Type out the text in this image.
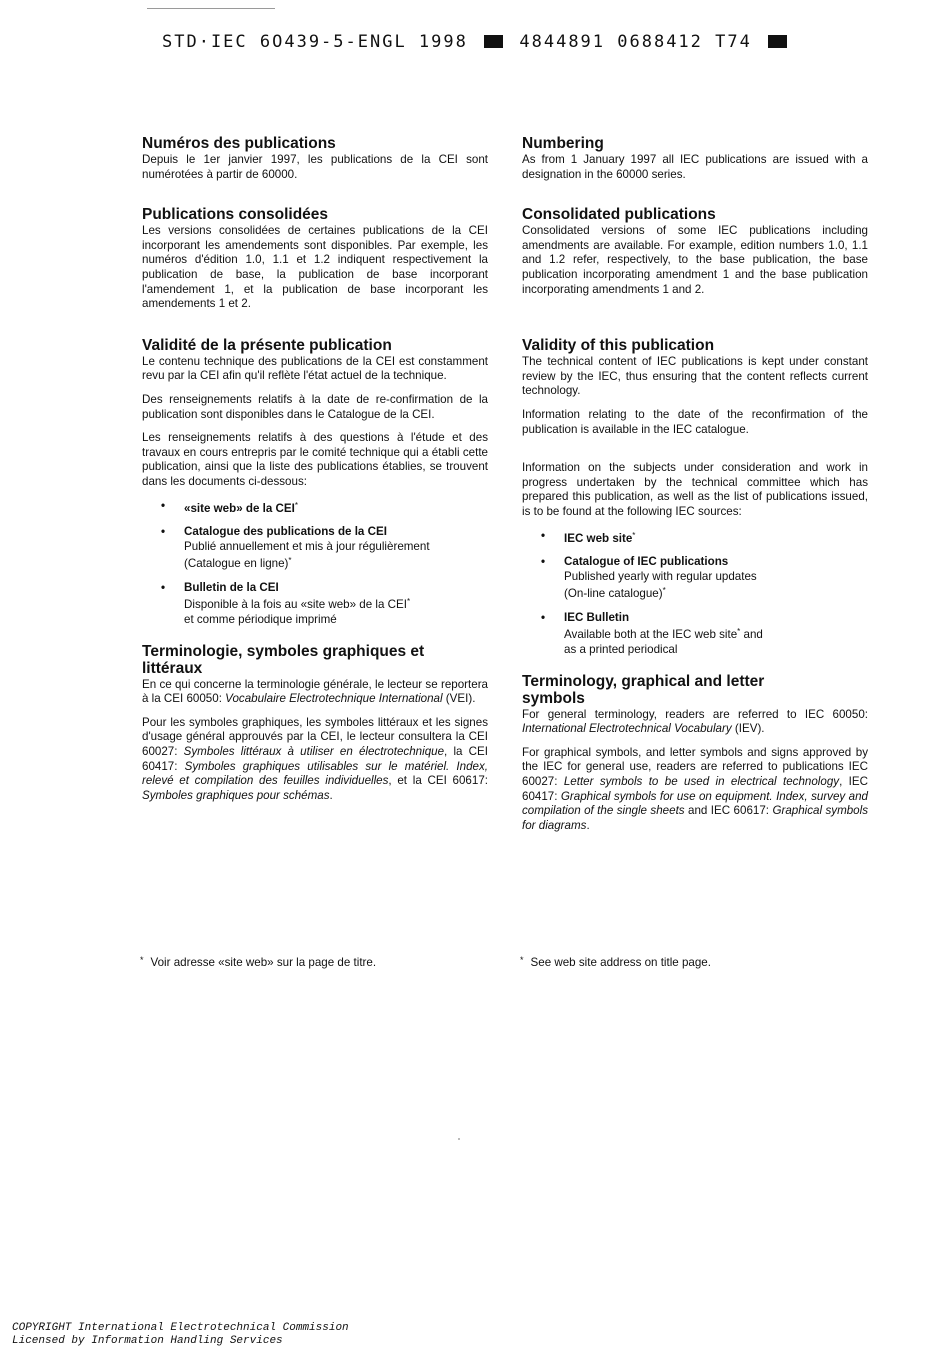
STD·IEC 6O439-5-ENGL 1998	4844891 0688412 T74
Numéros des publications

Depuis le 1er janvier 1997, les publications de la CEI sont numérotées à partir de 60000.

Publications consolidées

Les versions consolidées de certaines publications de la CEI incorporant les amendements sont disponibles. Par exemple, les numéros d'édition 1.0, 1.1 et 1.2 indiquent respectivement la publication de base, la publication de base incorporant l'amendement 1, et la publication de base incorporant les amendements 1 et 2.

Validité de la présente publication

Le contenu technique des publications de la CEI est constamment revu par la CEI afin qu'il reflète l'état actuel de la technique.

Des renseignements relatifs à la date de re-confirmation de la publication sont disponibles dans le Catalogue de la CEI.

Les renseignements relatifs à des questions à l'étude et des travaux en cours entrepris par le comité technique qui a établi cette publication, ainsi que la liste des publications établies, se trouvent dans les documents ci-dessous:

• «site web» de la CEI*
• Catalogue des publications de la CEI
Publié annuellement et mis à jour régulièrement
(Catalogue en ligne)*
• Bulletin de la CEI
Disponible à la fois au «site web» de la CEI*
et comme périodique imprimé
Terminologie, symboles graphiques et littéraux

En ce qui concerne la terminologie générale, le lecteur se reportera à la CEI 60050: Vocabulaire Electrotechnique International (VEI).

Pour les symboles graphiques, les symboles littéraux et les signes d'usage général approuvés par la CEI, le lecteur consultera la CEI 60027: Symboles littéraux à utiliser en électrotechnique, la CEI 60417: Symboles graphiques utilisables sur le matériel. Index, relevé et compilation des feuilles individuelles, et la CEI 60617: Symboles graphiques pour schémas.

Numbering

As from 1 January 1997 all IEC publications are issued with a designation in the 60000 series.

Consolidated publications

Consolidated versions of some IEC publications including amendments are available. For example, edition numbers 1.0, 1.1 and 1.2 refer, respectively, to the base publication, the base publication incorporating amendment 1 and the base publication incorporating amendments 1 and 2.

Validity of this publication

The technical content of IEC publications is kept under constant review by the IEC, thus ensuring that the content reflects current technology.

Information relating to the date of the reconfirmation of the publication is available in the IEC catalogue.

Information on the subjects under consideration and work in progress undertaken by the technical committee which has prepared this publication, as well as the list of publications issued, is to be found at the following IEC sources:

• IEC web site*
• Catalogue of IEC publications
Published yearly with regular updates
(On-line catalogue)*
• IEC Bulletin
Available both at the IEC web site* and
as a printed periodical
Terminology, graphical and letter symbols

For general terminology, readers are referred to IEC 60050: International Electrotechnical Vocabulary (IEV).

For graphical symbols, and letter symbols and signs approved by the IEC for general use, readers are referred to publications IEC 60027: Letter symbols to be used in electrical technology, IEC 60417: Graphical symbols for use on equipment. Index, survey and compilation of the single sheets and IEC 60617: Graphical symbols for diagrams.

* Voir adresse «site web» sur la page de titre.	* See web site address on title page.
COPYRIGHT International Electrotechnical Commission
Licensed by Information Handling Services
